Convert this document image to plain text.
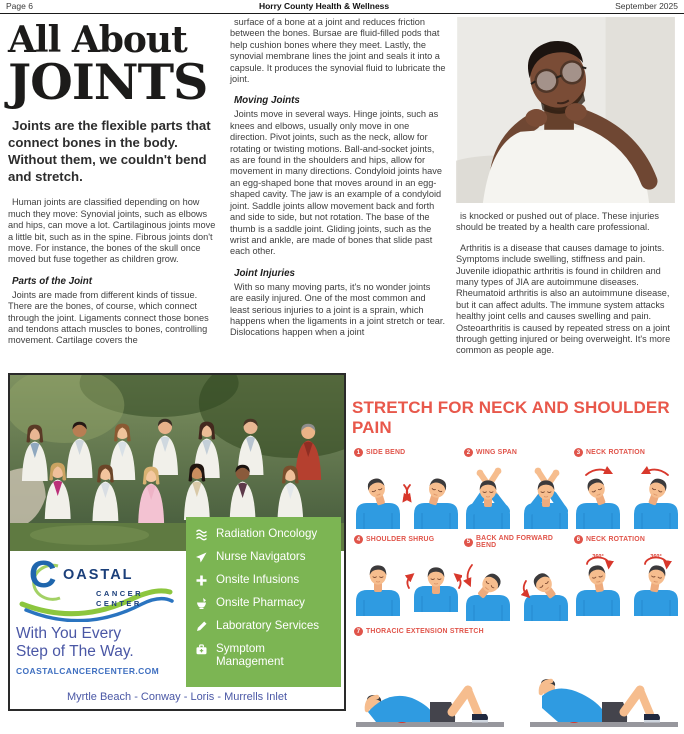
Page 6	Horry County Health & Wellness	September 2025
All About
JOINTS

Joints are the flexible parts that connect bones in the body. Without them, we couldn't bend and stretch.

Human joints are classified depending on how much they move: Synovial joints, such as elbows and hips, can move a lot. Cartilaginous joints move a little bit, such as in the spine. Fibrous joints don't move. For instance, the bones of the skull once moved but fuse together as children grow.

Parts of the Joint

Joints are made from different kinds of tissue. There are the bones, of course, which connect through the joint. Ligaments connect those bones and tendons attach muscles to bones, controlling movement. Cartilage covers the

surface of a bone at a joint and reduces friction between the bones. Bursae are fluid-filled pods that help cushion bones where they meet. Lastly, the synovial membrane lines the joint and seals it into a capsule. It produces the synovial fluid to lubricate the joint.

Moving Joints

Joints move in several ways. Hinge joints, such as knees and elbows, usually only move in one direction. Pivot joints, such as the neck, allow for rotating or twisting motions. Ball-and-socket joints, as are found in the shoulders and hips, allow for movement in many directions. Condyloid joints have an egg-shaped bone that moves around in an egg-shaped cavity. The jaw is an example of a condyloid joint. Saddle joints allow movement back and forth and side to side, but not rotation. The base of the thumb is a saddle joint. Gliding joints, such as the wrist and ankle, are made of bones that slide past each other.

Joint Injuries

With so many moving parts, it's no wonder joints are easily injured. One of the most common and least serious injuries to a joint is a sprain, which happens when the ligaments in a joint stretch or tear. Dislocations happen when a joint

is knocked or pushed out of place. These injuries should be treated by a health care professional.

Arthritis is a disease that causes damage to joints. Symptoms include swelling, stiffness and pain. Juvenile idiopathic arthritis is found in children and many types of JIA are autoimmune diseases. Rheumatoid arthritis is also an autoimmune disease, but it can affect adults. The immune system attacks healthy joint cells and causes swelling and pain. Osteoarthritis is caused by repeated stress on a joint through getting injured or being overweight. It's more common as people age.

Radiation Oncology
Nurse Navigators
Onsite Infusions
Onsite Pharmacy
Laboratory Services
Symptom Management
C OASTAL
CANCER
CENTER
With You Every
Step of The Way.
COASTALCANCERCENTER.COM
Myrtle Beach - Conway - Loris - Murrells Inlet
STRETCH FOR NECK AND SHOULDER PAIN
1 SIDE BEND	2 WING SPAN	3 NECK ROTATION
4 SHOULDER SHRUG	5 BACK AND FORWARD BEND
6 NECK ROTATION
360°	360°
7 THORACIC EXTENSION STRETCH
